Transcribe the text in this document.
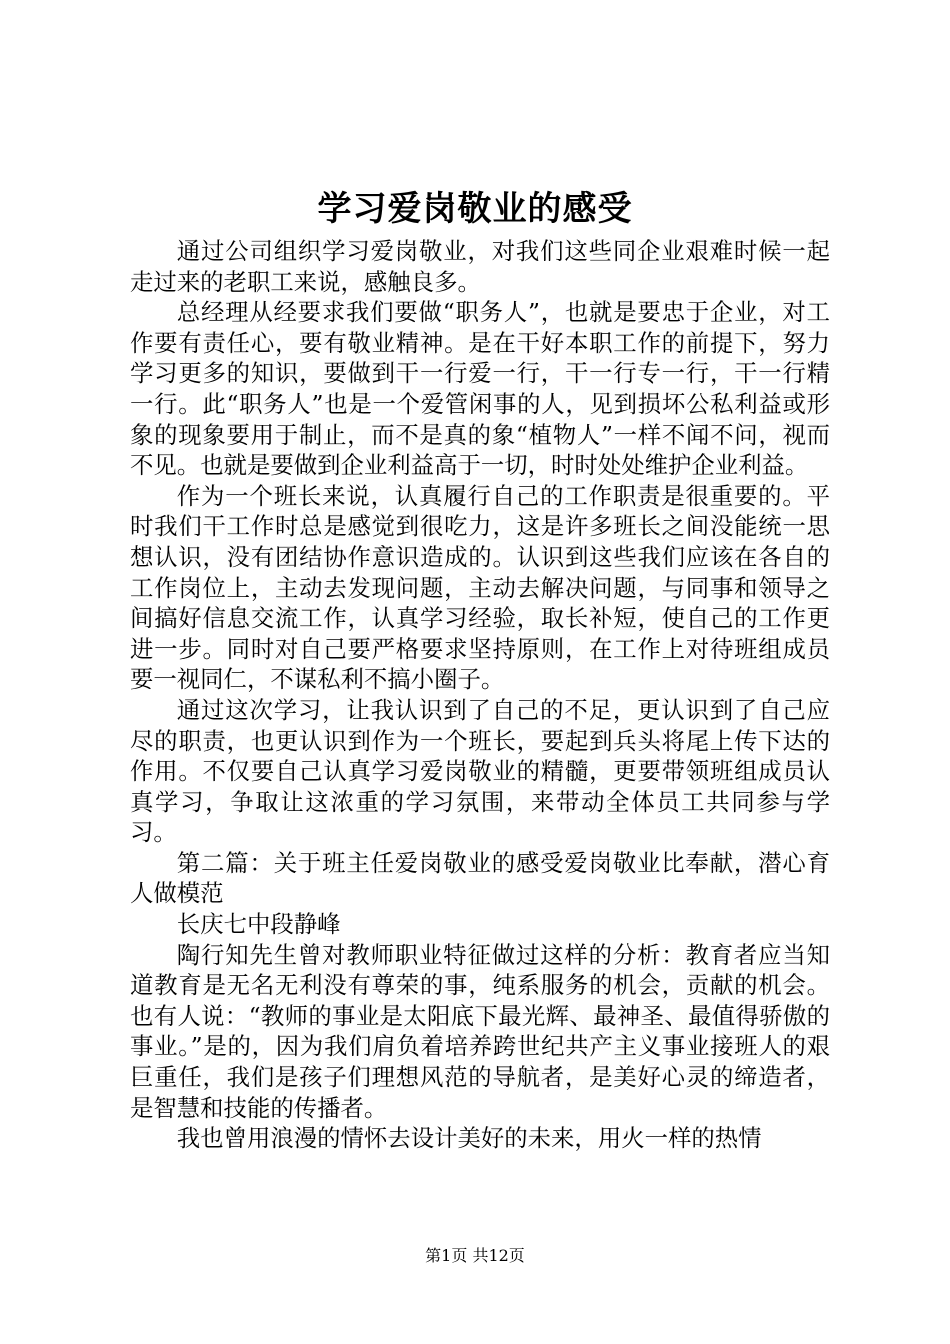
学习爱岗敬业的感受

通过公司组织学习爱岗敬业，对我们这些同企业艰难时候一起走过来的老职工来说，感触良多。

总经理从经要求我们要做“职务人”，也就是要忠于企业，对工作要有责任心，要有敬业精神。是在干好本职工作的前提下，努力学习更多的知识，要做到干一行爱一行，干一行专一行，干一行精一行。此“职务人”也是一个爱管闲事的人，见到损坏公私利益或形象的现象要用于制止，而不是真的象“植物人”一样不闻不问，视而不见。也就是要做到企业利益高于一切，时时处处维护企业利益。

作为一个班长来说，认真履行自己的工作职责是很重要的。平时我们干工作时总是感觉到很吃力，这是许多班长之间没能统一思想认识，没有团结协作意识造成的。认识到这些我们应该在各自的工作岗位上，主动去发现问题，主动去解决问题，与同事和领导之间搞好信息交流工作，认真学习经验，取长补短，使自己的工作更进一步。同时对自己要严格要求坚持原则，在工作上对待班组成员要一视同仁，不谋私利不搞小圈子。

通过这次学习，让我认识到了自己的不足，更认识到了自己应尽的职责，也更认识到作为一个班长，要起到兵头将尾上传下达的作用。不仅要自己认真学习爱岗敬业的精髓，更要带领班组成员认真学习，争取让这浓重的学习氛围，来带动全体员工共同参与学习。

第二篇：关于班主任爱岗敬业的感受爱岗敬业比奉献，潜心育人做模范

长庆七中段静峰

陶行知先生曾对教师职业特征做过这样的分析：教育者应当知道教育是无名无利没有尊荣的事，纯系服务的机会，贡献的机会。也有人说：“教师的事业是太阳底下最光辉、最神圣、最值得骄傲的事业。”是的，因为我们肩负着培养跨世纪共产主义事业接班人的艰巨重任，我们是孩子们理想风范的导航者，是美好心灵的缔造者，是智慧和技能的传播者。

我也曾用浪漫的情怀去设计美好的未来，用火一样的热情

第1页 共12页
